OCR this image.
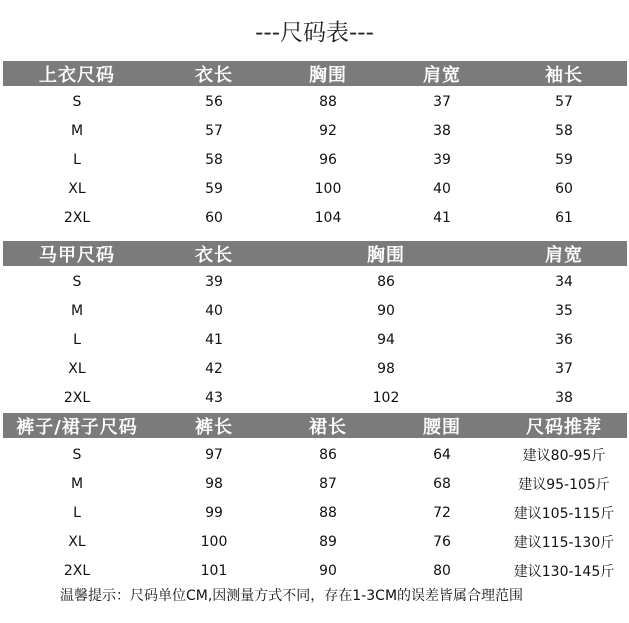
---尺码表---
上衣尺码	衣长	胸围	肩宽	袖长
S	56	88	37	57
M	57	92	38	58
L	58	96	39	59
XL	59	100	40	60
2XL	60	104	41	61
马甲尺码	衣长	胸围	肩宽
S	39	86	34
M	40	90	35
L	41	94	36
XL	42	98	37
2XL	43	102	38
裤子/裙子尺码	裤长	裙长	腰围	尺码推荐
S	97	86	64	建议80-95斤
M	98	87	68	建议95-105斤
L	99	88	72	建议105-115斤
XL	100	89	76	建议115-130斤
2XL	101	90	80	建议130-145斤
温馨提示：尺码单位CM,因测量方式不同，存在1-3CM的误差皆属合理范围
